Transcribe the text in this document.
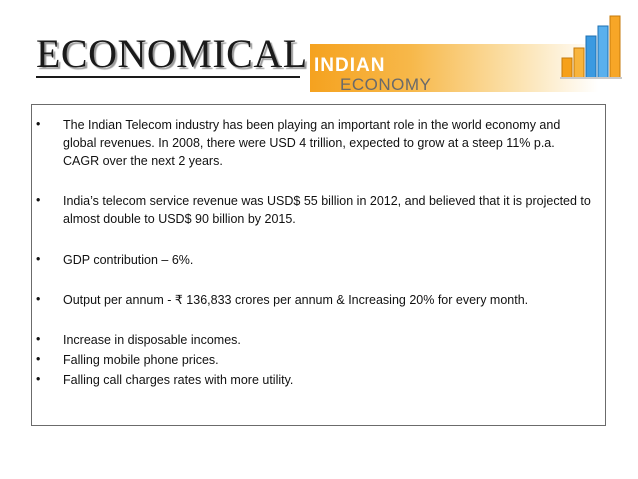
ECONOMICAL INDIAN
ECONOMY
• The Indian Telecom industry has been playing an important role in the world economy and global revenues. In 2008, there were USD 4 trillion, expected to grow at a steep 11% p.a. CAGR over the next 2 years.
• India’s telecom service revenue was USD$ 55 billion in 2012, and believed that it is projected to almost double to USD$ 90 billion by 2015.
• GDP contribution – 6%.
• Output per annum - ₹ 136,833 crores per annum & Increasing 20% for every month.
• Increase in disposable incomes.
• Falling mobile phone prices.
• Falling call charges rates with more utility.
